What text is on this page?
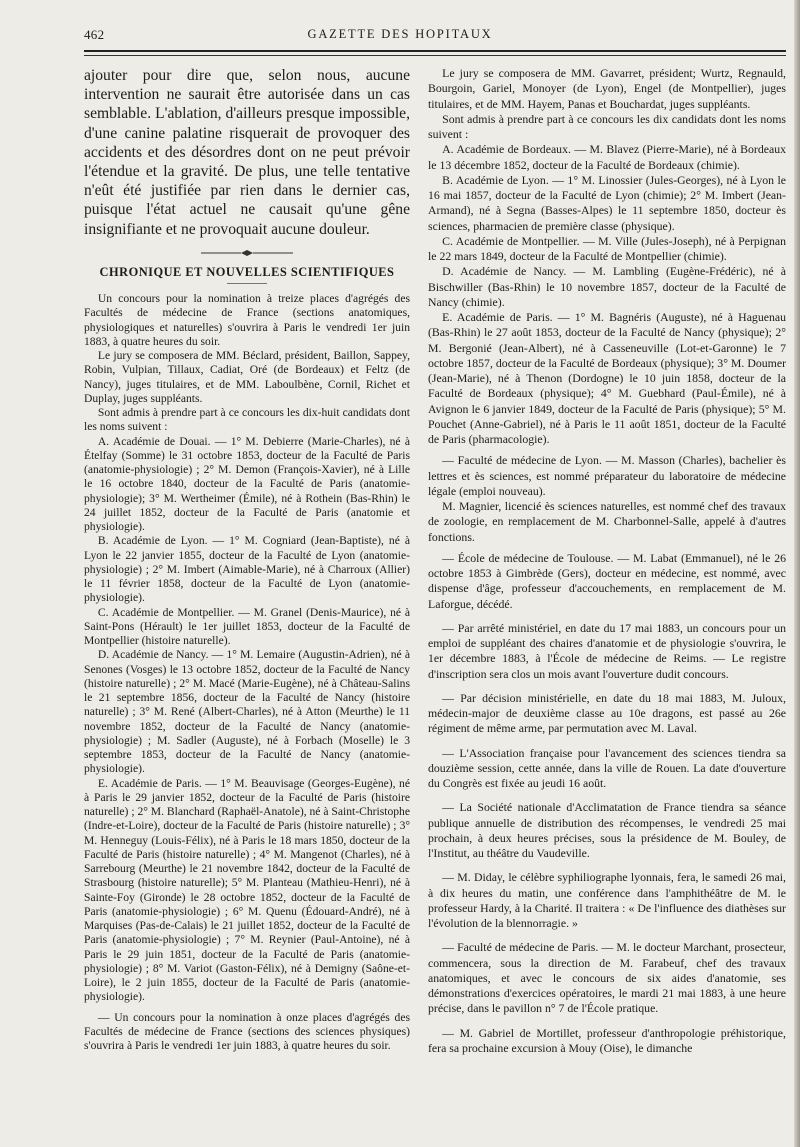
462	GAZETTE DES HOPITAUX

ajouter pour dire que, selon nous, aucune intervention ne saurait être autorisée dans un cas semblable. L'ablation, d'ailleurs presque impossible, d'une canine palatine risquerait de provoquer des accidents et des désordres dont on ne peut prévoir l'étendue et la gravité. De plus, une telle tentative n'eût été justifiée par rien dans le dernier cas, puisque l'état actuel ne causait qu'une gêne insignifiante et ne provoquait aucune douleur.

CHRONIQUE ET NOUVELLES SCIENTIFIQUES

Un concours pour la nomination à treize places d'agrégés des Facultés de médecine de France (sections anatomiques, physiologiques et naturelles) s'ouvrira à Paris le vendredi 1er juin 1883, à quatre heures du soir.

Le jury se composera de MM. Béclard, président, Baillon, Sappey, Robin, Vulpian, Tillaux, Cadiat, Oré (de Bordeaux) et Feltz (de Nancy), juges titulaires, et de MM. Laboulbène, Cornil, Richet et Duplay, juges suppléants.

Sont admis à prendre part à ce concours les dix-huit candidats dont les noms suivent :

A. Académie de Douai. — 1° M. Debierre (Marie-Charles), né à Ételfay (Somme) le 31 octobre 1853, docteur de la Faculté de Paris (anatomie-physiologie) ; 2° M. Demon (François-Xavier), né à Lille le 16 octobre 1840, docteur de la Faculté de Paris (anatomie-physiologie); 3° M. Wertheimer (Émile), né à Rothein (Bas-Rhin) le 24 juillet 1852, docteur de la Faculté de Paris (anatomie et physiologie).

B. Académie de Lyon. — 1° M. Cogniard (Jean-Baptiste), né à Lyon le 22 janvier 1855, docteur de la Faculté de Lyon (anatomie-physiologie) ; 2° M. Imbert (Aimable-Marie), né à Charroux (Allier) le 11 février 1858, docteur de la Faculté de Lyon (anatomie-physiologie).

C. Académie de Montpellier. — M. Granel (Denis-Maurice), né à Saint-Pons (Hérault) le 1er juillet 1853, docteur de la Faculté de Montpellier (histoire naturelle).

D. Académie de Nancy. — 1° M. Lemaire (Augustin-Adrien), né à Senones (Vosges) le 13 octobre 1852, docteur de la Faculté de Nancy (histoire naturelle) ; 2° M. Macé (Marie-Eugène), né à Château-Salins le 21 septembre 1856, docteur de la Faculté de Nancy (histoire naturelle) ; 3° M. René (Albert-Charles), né à Atton (Meurthe) le 11 novembre 1852, docteur de la Faculté de Nancy (anatomie-physiologie) ; M. Sadler (Auguste), né à Forbach (Moselle) le 3 septembre 1853, docteur de la Faculté de Nancy (anatomie-physiologie).

E. Académie de Paris. — 1° M. Beauvisage (Georges-Eugène), né à Paris le 29 janvier 1852, docteur de la Faculté de Paris (histoire naturelle) ; 2° M. Blanchard (Raphaël-Anatole), né à Saint-Christophe (Indre-et-Loire), docteur de la Faculté de Paris (histoire naturelle) ; 3° M. Henneguy (Louis-Félix), né à Paris le 18 mars 1850, docteur de la Faculté de Paris (histoire naturelle) ; 4° M. Mangenot (Charles), né à Sarrebourg (Meurthe) le 21 novembre 1842, docteur de la Faculté de Strasbourg (histoire naturelle); 5° M. Planteau (Mathieu-Henri), né à Sainte-Foy (Gironde) le 28 octobre 1852, docteur de la Faculté de Paris (anatomie-physiologie) ; 6° M. Quenu (Édouard-André), né à Marquises (Pas-de-Calais) le 21 juillet 1852, docteur de la Faculté de Paris (anatomie-physiologie) ; 7° M. Reynier (Paul-Antoine), né à Paris le 29 juin 1851, docteur de la Faculté de Paris (anatomie-physiologie) ; 8° M. Variot (Gaston-Félix), né à Demigny (Saône-et-Loire), le 2 juin 1855, docteur de la Faculté de Paris (anatomie-physiologie).

— Un concours pour la nomination à onze places d'agrégés des Facultés de médecine de France (sections des sciences physiques) s'ouvrira à Paris le vendredi 1er juin 1883, à quatre heures du soir.

Le jury se composera de MM. Gavarret, président; Wurtz, Regnauld, Bourgoin, Gariel, Monoyer (de Lyon), Engel (de Montpellier), juges titulaires, et de MM. Hayem, Panas et Bouchardat, juges suppléants.

Sont admis à prendre part à ce concours les dix candidats dont les noms suivent :

A. Académie de Bordeaux. — M. Blavez (Pierre-Marie), né à Bordeaux le 13 décembre 1852, docteur de la Faculté de Bordeaux (chimie).

B. Académie de Lyon. — 1° M. Linossier (Jules-Georges), né à Lyon le 16 mai 1857, docteur de la Faculté de Lyon (chimie); 2° M. Imbert (Jean-Armand), né à Segna (Basses-Alpes) le 11 septembre 1850, docteur ès sciences, pharmacien de première classe (physique).

C. Académie de Montpellier. — M. Ville (Jules-Joseph), né à Perpignan le 22 mars 1849, docteur de la Faculté de Montpellier (chimie).

D. Académie de Nancy. — M. Lambling (Eugène-Frédéric), né à Bischwiller (Bas-Rhin) le 10 novembre 1857, docteur de la Faculté de Nancy (chimie).

E. Académie de Paris. — 1° M. Bagnéris (Auguste), né à Haguenau (Bas-Rhin) le 27 août 1853, docteur de la Faculté de Nancy (physique); 2° M. Bergonié (Jean-Albert), né à Casseneuville (Lot-et-Garonne) le 7 octobre 1857, docteur de la Faculté de Bordeaux (physique); 3° M. Doumer (Jean-Marie), né à Thenon (Dordogne) le 10 juin 1858, docteur de la Faculté de Bordeaux (physique); 4° M. Guebhard (Paul-Émile), né à Avignon le 6 janvier 1849, docteur de la Faculté de Paris (physique); 5° M. Pouchet (Anne-Gabriel), né à Paris le 11 août 1851, docteur de la Faculté de Paris (pharmacologie).

— Faculté de médecine de Lyon. — M. Masson (Charles), bachelier ès lettres et ès sciences, est nommé préparateur du laboratoire de médecine légale (emploi nouveau).

M. Magnier, licencié ès sciences naturelles, est nommé chef des travaux de zoologie, en remplacement de M. Charbonnel-Salle, appelé à d'autres fonctions.

— École de médecine de Toulouse. — M. Labat (Emmanuel), né le 26 octobre 1853 à Gimbrède (Gers), docteur en médecine, est nommé, avec dispense d'âge, professeur d'accouchements, en remplacement de M. Laforgue, décédé.

— Par arrêté ministériel, en date du 17 mai 1883, un concours pour un emploi de suppléant des chaires d'anatomie et de physiologie s'ouvrira, le 1er décembre 1883, à l'École de médecine de Reims. — Le registre d'inscription sera clos un mois avant l'ouverture dudit concours.

— Par décision ministérielle, en date du 18 mai 1883, M. Juloux, médecin-major de deuxième classe au 10e dragons, est passé au 26e régiment de même arme, par permutation avec M. Laval.

— L'Association française pour l'avancement des sciences tiendra sa douzième session, cette année, dans la ville de Rouen. La date d'ouverture du Congrès est fixée au jeudi 16 août.

— La Société nationale d'Acclimatation de France tiendra sa séance publique annuelle de distribution des récompenses, le vendredi 25 mai prochain, à deux heures précises, sous la présidence de M. Bouley, de l'Institut, au théâtre du Vaudeville.

— M. Diday, le célèbre syphiliographe lyonnais, fera, le samedi 26 mai, à dix heures du matin, une conférence dans l'amphithéâtre de M. le professeur Hardy, à la Charité. Il traitera : « De l'influence des diathèses sur l'évolution de la blennorragie. »

— Faculté de médecine de Paris. — M. le docteur Marchant, prosecteur, commencera, sous la direction de M. Farabeuf, chef des travaux anatomiques, et avec le concours de six aides d'anatomie, ses démonstrations d'exercices opératoires, le mardi 21 mai 1883, à une heure précise, dans le pavillon n° 7 de l'École pratique.

— M. Gabriel de Mortillet, professeur d'anthropologie préhistorique, fera sa prochaine excursion à Mouy (Oise), le dimanche
